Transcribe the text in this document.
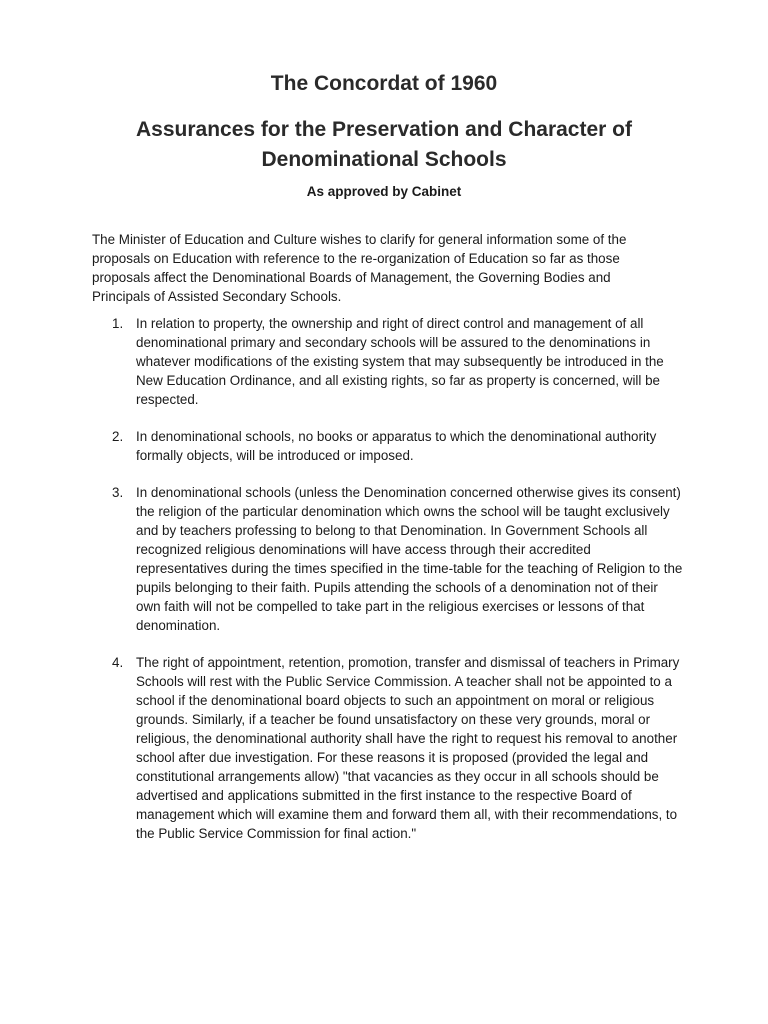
The Concordat of 1960
Assurances for the Preservation and Character of Denominational Schools

As approved by Cabinet

The Minister of Education and Culture wishes to clarify for general information some of the proposals on Education with reference to the re-organization of Education so far as those proposals affect the Denominational Boards of Management, the Governing Bodies and Principals of Assisted Secondary Schools.

1. In relation to property, the ownership and right of direct control and management of all denominational primary and secondary schools will be assured to the denominations in whatever modifications of the existing system that may subsequently be introduced in the New Education Ordinance, and all existing rights, so far as property is concerned, will be respected.
2. In denominational schools, no books or apparatus to which the denominational authority formally objects, will be introduced or imposed.
3. In denominational schools (unless the Denomination concerned otherwise gives its consent) the religion of the particular denomination which owns the school will be taught exclusively and by teachers professing to belong to that Denomination. In Government Schools all recognized religious denominations will have access through their accredited representatives during the times specified in the time-table for the teaching of Religion to the pupils belonging to their faith. Pupils attending the schools of a denomination not of their own faith will not be compelled to take part in the religious exercises or lessons of that denomination.
4. The right of appointment, retention, promotion, transfer and dismissal of teachers in Primary Schools will rest with the Public Service Commission. A teacher shall not be appointed to a school if the denominational board objects to such an appointment on moral or religious grounds. Similarly, if a teacher be found unsatisfactory on these very grounds, moral or religious, the denominational authority shall have the right to request his removal to another school after due investigation. For these reasons it is proposed (provided the legal and constitutional arrangements allow) "that vacancies as they occur in all schools should be advertised and applications submitted in the first instance to the respective Board of management which will examine them and forward them all, with their recommendations, to the Public Service Commission for final action."
